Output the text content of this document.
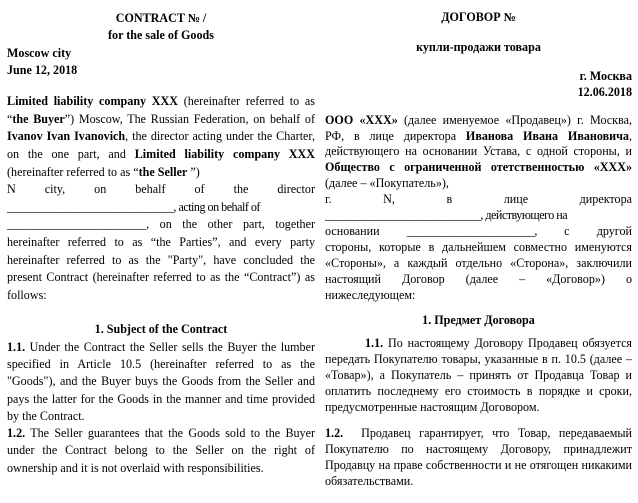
CONTRACT № /
for the sale of Goods
Moscow city
June 12, 2018

Limited liability company XXX (hereinafter referred to as “the Buyer”) Moscow, The Russian Federation, on behalf of Ivanov Ivan Ivanovich, the director acting under the Charter, on the one part, and Limited liability company XXX (hereinafter referred to as “the Seller ”)

N city, on behalf of the director

______________________________, acting on behalf of

_______________________, on the other part, together hereinafter referred to as “the Parties”, and every party hereinafter referred to as the "Party", have concluded the present Contract (hereinafter referred to as the “Contract”) as follows:

1. Subject of the Contract

1.1. Under the Contract the Seller sells the Buyer the lumber specified in Article 10.5 (hereinafter referred to as the "Goods"), and the Buyer buys the Goods from the Seller and pays the latter for the Goods in the manner and time provided by the Contract.

1.2. The Seller guarantees that the Goods sold to the Buyer under the Contract belong to the Seller on the right of ownership and it is not overlaid with responsibilities.

ДОГОВОР №
купли-продажи товара
г. Москва
12.06.2018

ООО «ХХХ» (далее именуемое «Продавец») г. Москва, РФ, в лице директора Иванова Ивана Ивановича, действующего на основании Устава, с одной стороны, и Общество с ограниченной отетственностью «ХХХ» (далее – «Покупатель»),

г.	N,	в	лице	директора

____________________________, действующего на

основании _______________________, с другой

стороны, которые в дальнейшем совместно именуются «Стороны», а каждый отдельно «Сторона», заключили настоящий Договор (далее – «Договор») о нижеследующем:

1. Предмет Договора

1.1. По настоящему Договору Продавец обязуется передать Покупателю товары, указанные в п. 10.5 (далее – «Товар»), а Покупатель – принять от Продавца Товар и оплатить последнему его стоимость в порядке и сроки, предусмотренные настоящим Договором.

1.2. Продавец гарантирует, что Товар, передаваемый Покупателю по настоящему Договору, принадлежит Продавцу на праве собственности и не отягощен никакими обязательствами.
